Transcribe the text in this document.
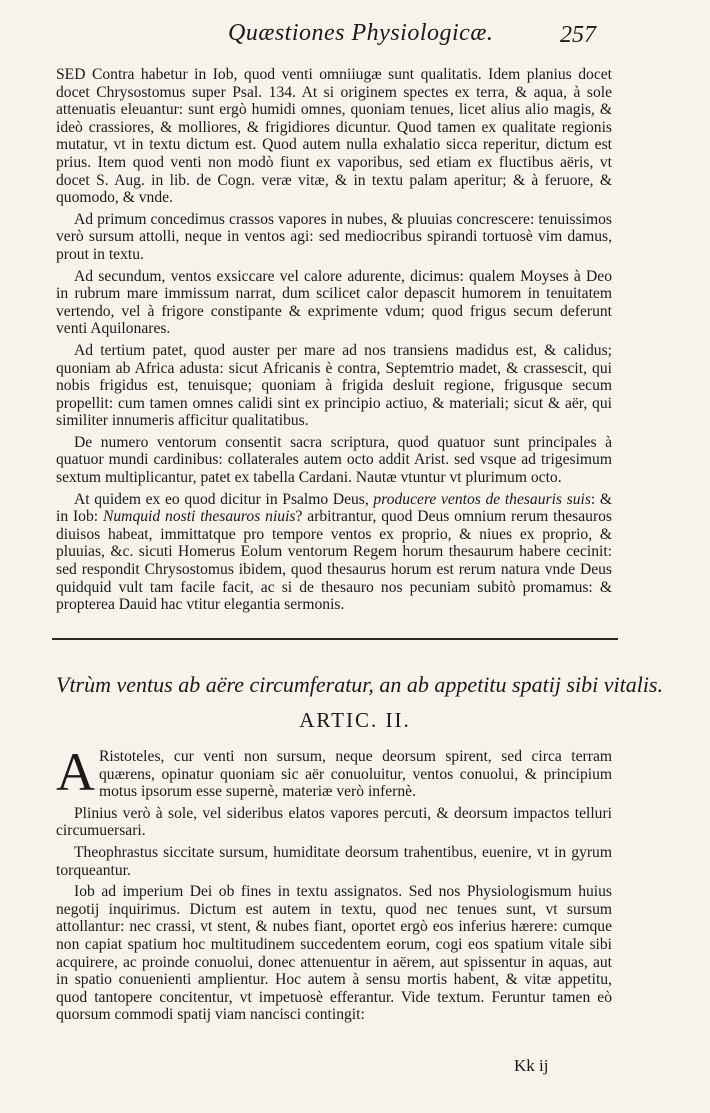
Quæstiones Physiologicæ.	257

SED Contra habetur in Iob, quod venti omniiugæ sunt qualitatis. Idem planius docet docet Chrysostomus super Psal. 134. At si originem spectes ex terra, & aqua, à sole attenuatis eleuantur: sunt ergò humidi omnes, quoniam tenues, licet alius alio magis, & ideò crassiores, & molliores, & frigidiores dicuntur. Quod tamen ex qualitate regionis mutatur, vt in textu dictum est. Quod autem nulla exhalatio sicca reperitur, dictum est prius. Item quod venti non modò fiunt ex vaporibus, sed etiam ex fluctibus aëris, vt docet S. Aug. in lib. de Cogn. veræ vitæ, & in textu palam aperitur; & à feruore, & quomodo, & vnde.

Ad primum concedimus crassos vapores in nubes, & pluuias concrescere: tenuissimos verò sursum attolli, neque in ventos agi: sed mediocribus spirandi tortuosè vim damus, prout in textu.

Ad secundum, ventos exsiccare vel calore adurente, dicimus: qualem Moyses à Deo in rubrum mare immissum narrat, dum scilicet calor depascit humorem in tenuitatem vertendo, vel à frigore constipante & exprimente vdum; quod frigus secum deferunt venti Aquilonares.

Ad tertium patet, quod auster per mare ad nos transiens madidus est, & calidus; quoniam ab Africa adusta: sicut Africanis è contra, Septemtrio madet, & crassescit, qui nobis frigidus est, tenuisque; quoniam à frigida desluit regione, frigusque secum propellit: cum tamen omnes calidi sint ex principio actiuo, & materiali; sicut & aër, qui similiter innumeris afficitur qualitatibus.

De numero ventorum consentit sacra scriptura, quod quatuor sunt principales à quatuor mundi cardinibus: collaterales autem octo addit Arist. sed vsque ad trigesimum sextum multiplicantur, patet ex tabella Cardani. Nautæ vtuntur vt plurimum octo.

At quidem ex eo quod dicitur in Psalmo Deus, producere ventos de thesauris suis: & in Iob: Numquid nosti thesauros niuis? arbitrantur, quod Deus omnium rerum thesauros diuisos habeat, immittatque pro tempore ventos ex proprio, & niues ex proprio, & pluuias, &c. sicuti Homerus Eolum ventorum Regem horum thesaurum habere cecinit: sed respondit Chrysostomus ibidem, quod thesaurus horum est rerum natura vnde Deus quidquid vult tam facile facit, ac si de thesauro nos pecuniam subitò promamus: & propterea Dauid hac vtitur elegantia sermonis.

Vtrùm ventus ab aëre circumferatur, an ab appetitu spatij sibi vitalis.
ARTIC. II.

A Ristoteles, cur venti non sursum, neque deorsum spirent, sed circa terram quærens, opinatur quoniam sic aër conuoluitur, ventos conuolui, & principium motus ipsorum esse supernè, materiæ verò infernè.

Plinius verò à sole, vel sideribus elatos vapores percuti, & deorsum impactos telluri circumuersari.

Theophrastus siccitate sursum, humiditate deorsum trahentibus, euenire, vt in gyrum torqueantur.

Iob ad imperium Dei ob fines in textu assignatos. Sed nos Physiologismum huius negotij inquirimus. Dictum est autem in textu, quod nec tenues sunt, vt sursum attollantur: nec crassi, vt stent, & nubes fiant, oportet ergò eos inferius hærere: cumque non capiat spatium hoc multitudinem succedentem eorum, cogi eos spatium vitale sibi acquirere, ac proinde conuolui, donec attenuentur in aërem, aut spissentur in aquas, aut in spatio conuenienti amplientur. Hoc autem à sensu mortis habent, & vitæ appetitu, quod tantopere concitentur, vt impetuosè efferantur. Vide textum. Feruntur tamen eò quorsum commodi spatij viam nancisci contingit:

Kk ij
